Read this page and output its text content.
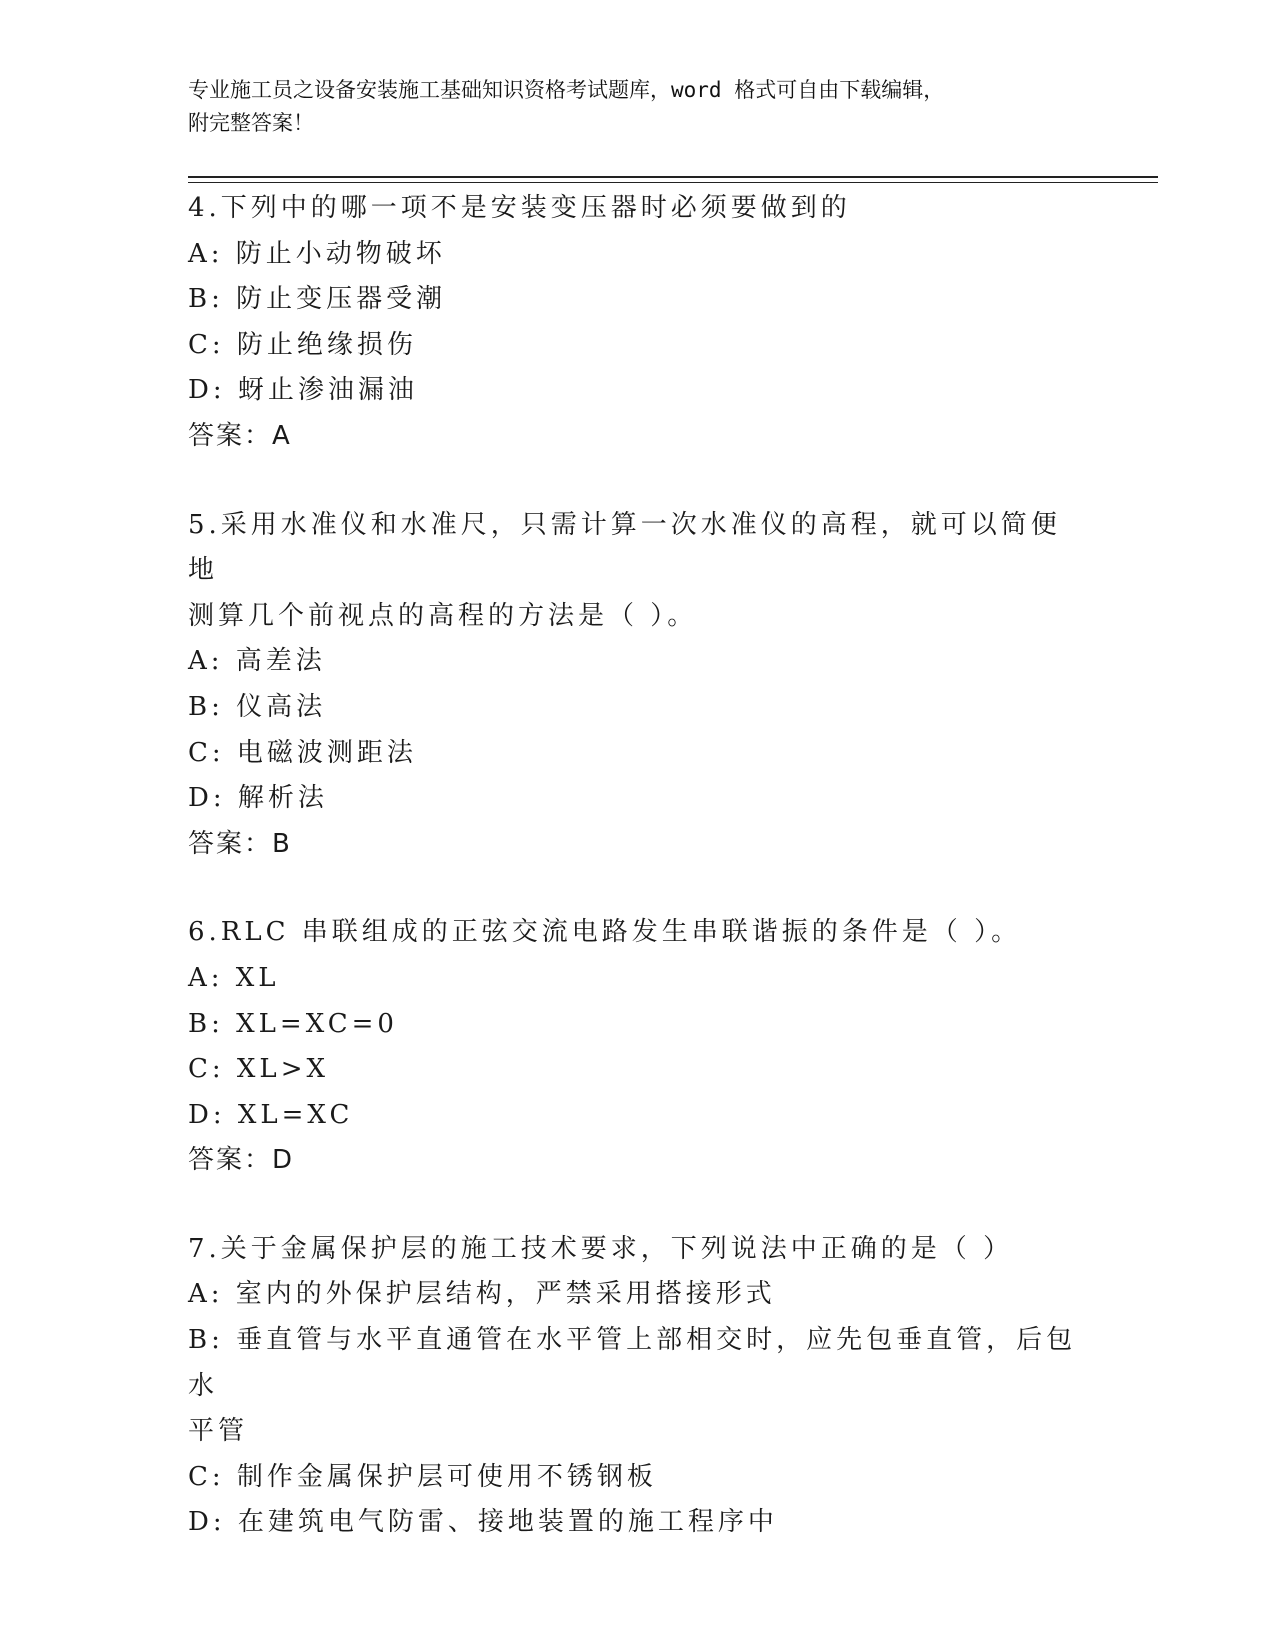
专业施工员之设备安装施工基础知识资格考试题库，word 格式可自由下载编辑，
附完整答案！
4.下列中的哪一项不是安装变压器时必须要做到的
A: 防止小动物破坏
B: 防止变压器受潮
C: 防止绝缘损伤
D: 蚜止渗油漏油
答案：A
5.采用水准仪和水准尺，只需计算一次水准仪的高程，就可以简便地
测算几个前视点的高程的方法是（ ）。
A: 高差法
B: 仪高法
C: 电磁波测距法
D: 解析法
答案：B
6.RLC 串联组成的正弦交流电路发生串联谐振的条件是（ ）。
A: XL
B: XL=XC=0
C: XL>X
D: XL=XC
答案：D
7.关于金属保护层的施工技术要求，下列说法中正确的是（ ）
A: 室内的外保护层结构，严禁采用搭接形式
B: 垂直管与水平直通管在水平管上部相交时，应先包垂直管，后包水
平管
C: 制作金属保护层可使用不锈钢板
D: 在建筑电气防雷、接地装置的施工程序中
